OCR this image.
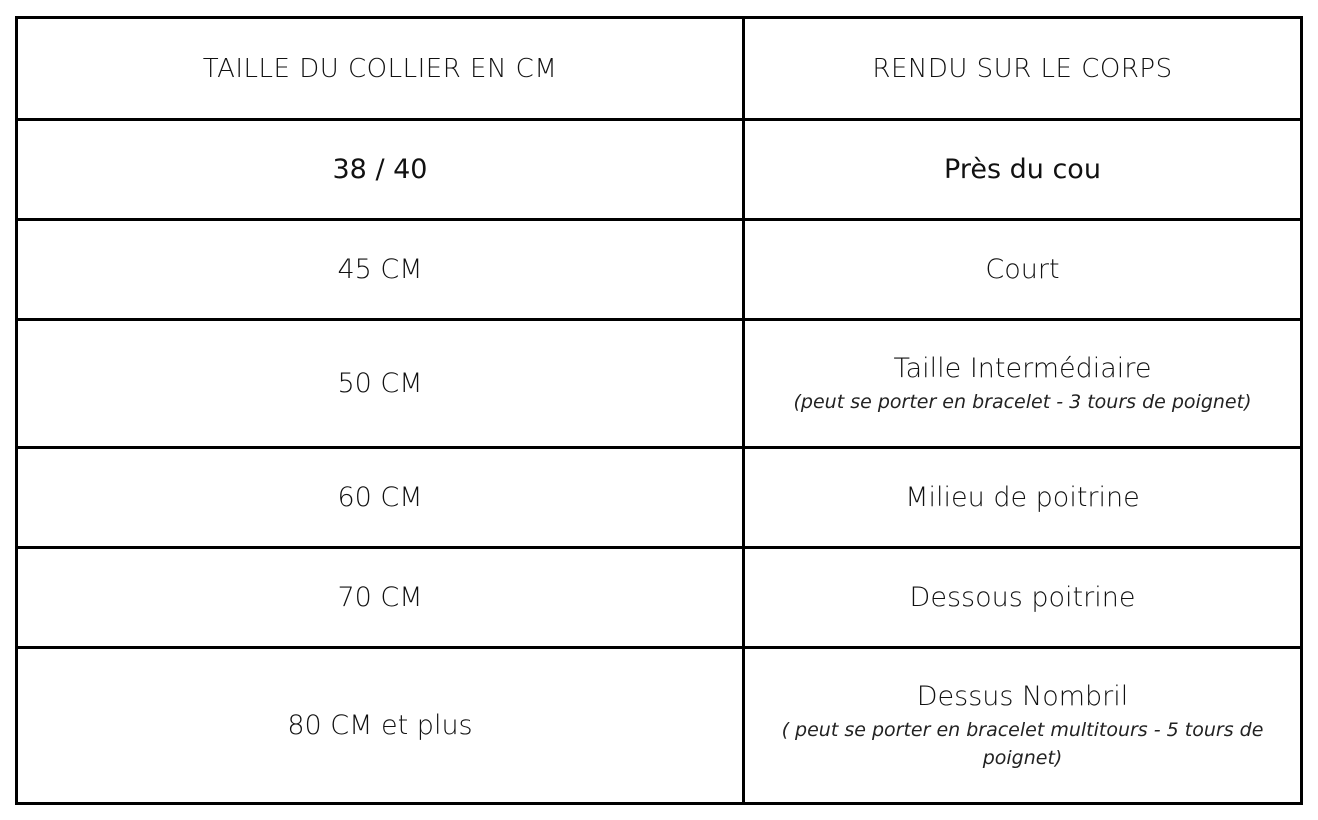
TAILLE DU COLLIER EN CM	RENDU SUR LE CORPS
38 / 40	Près du cou

45 CM	Court

50 CM	Taille Intermédiaire
(peut se porter en bracelet - 3 tours de poignet)

60 CM	Milieu de poitrine

70 CM	Dessous poitrine

80 CM et plus	Dessus Nombril
( peut se porter en bracelet multitours - 5 tours de poignet)
